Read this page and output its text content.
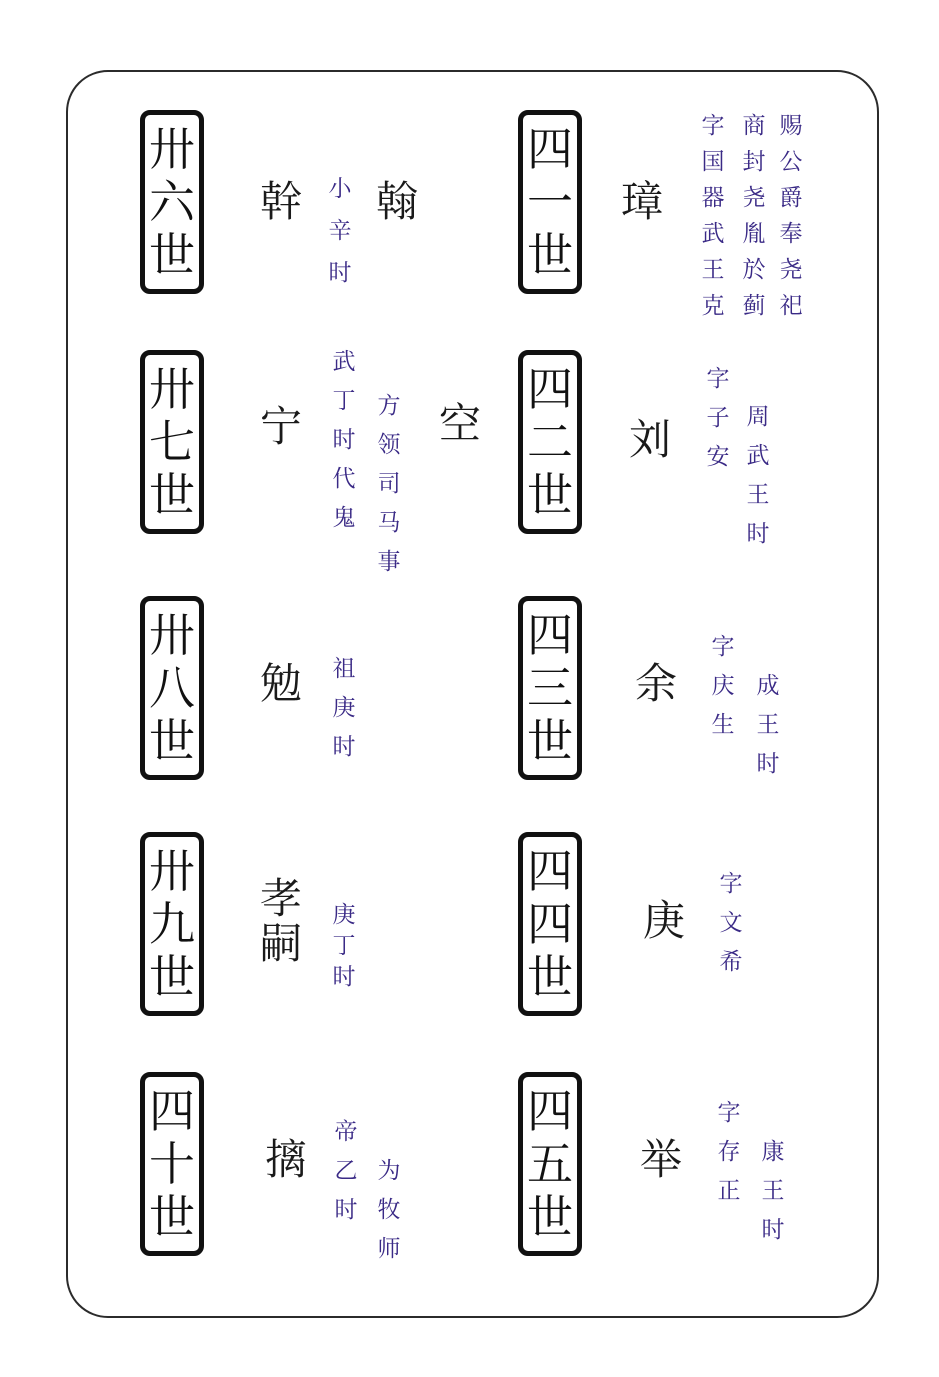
卅
六
世
幹 小
辛
时
翰
卅
七
世
宁
武
丁
时
代
鬼
方
领
司
马
事
空
卅
八
世
勉 祖
庚
时
卅
九
世
孝
嗣
庚
丁
时
四
十
世
摛
帝
乙
时
为
牧
师
四
一
世
璋
字
国
器
武
王
克
商
封
尧
胤
於
蓟
赐
公
爵
奉
尧
祀
四
二
世
刘
字
子
安
周
武
王
时
四
三
世
余
字
庆
生
成
王
时
四
四
世
庚
字
文
希
四
五
世
举
字
存
正
康
王
时
